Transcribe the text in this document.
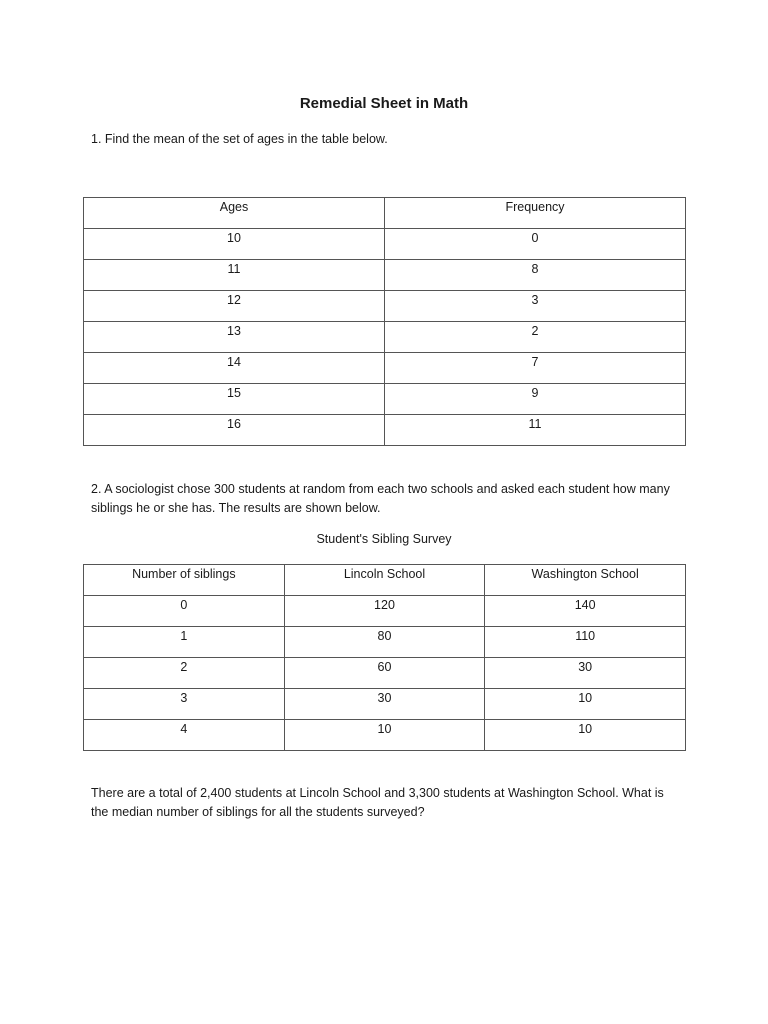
Remedial Sheet in Math
1. Find the mean of the set of ages in the table below.
Ages	Frequency
10	0
11	8
12	3
13	2
14	7
15	9
16	11
2. A sociologist chose 300 students at random from each two schools and asked each student how many
siblings he or she has. The results are shown below.
Student's Sibling Survey
Number of siblings	Lincoln School	Washington School
0	120	140
1	80	110
2	60	30
3	30	10
4	10	10
There are a total of 2,400 students at Lincoln School and 3,300 students at Washington School. What is
the median number of siblings for all the students surveyed?
